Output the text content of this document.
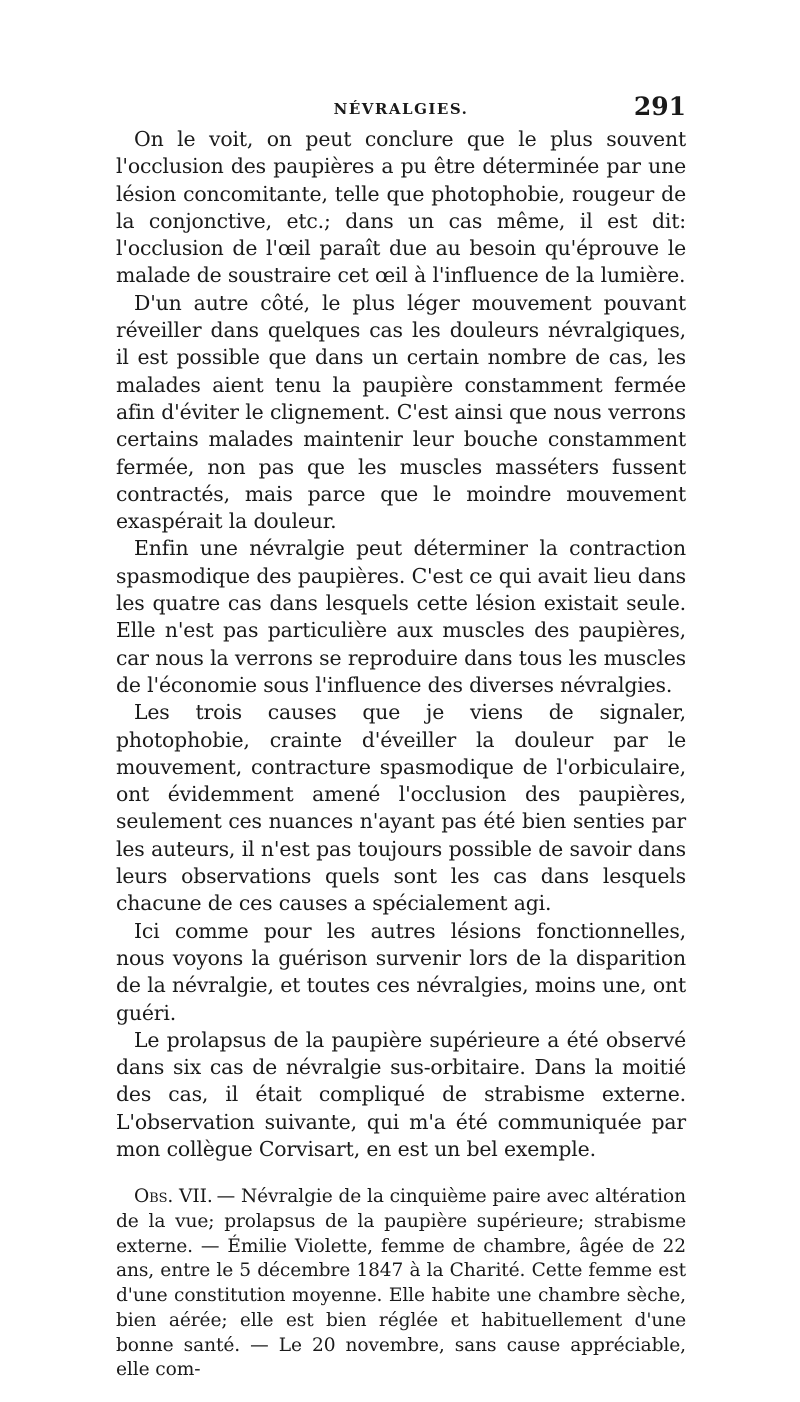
NÉVRALGIES.	291

On le voit, on peut conclure que le plus souvent l'occlusion des paupières a pu être déterminée par une lésion concomitante, telle que photophobie, rougeur de la conjonctive, etc.; dans un cas même, il est dit: l'occlusion de l'œil paraît due au besoin qu'éprouve le malade de soustraire cet œil à l'influence de la lumière.

D'un autre côté, le plus léger mouvement pouvant réveiller dans quelques cas les douleurs névralgiques, il est possible que dans un certain nombre de cas, les malades aient tenu la paupière constamment fermée afin d'éviter le clignement. C'est ainsi que nous verrons certains malades maintenir leur bouche constamment fermée, non pas que les muscles masséters fussent contractés, mais parce que le moindre mouvement exaspérait la douleur.

Enfin une névralgie peut déterminer la contraction spasmodique des paupières. C'est ce qui avait lieu dans les quatre cas dans lesquels cette lésion existait seule. Elle n'est pas particulière aux muscles des paupières, car nous la verrons se reproduire dans tous les muscles de l'économie sous l'influence des diverses névralgies.

Les trois causes que je viens de signaler, photophobie, crainte d'éveiller la douleur par le mouvement, contracture spasmodique de l'orbiculaire, ont évidemment amené l'occlusion des paupières, seulement ces nuances n'ayant pas été bien senties par les auteurs, il n'est pas toujours possible de savoir dans leurs observations quels sont les cas dans lesquels chacune de ces causes a spécialement agi.

Ici comme pour les autres lésions fonctionnelles, nous voyons la guérison survenir lors de la disparition de la névralgie, et toutes ces névralgies, moins une, ont guéri.

Le prolapsus de la paupière supérieure a été observé dans six cas de névralgie sus-orbitaire. Dans la moitié des cas, il était compliqué de strabisme externe. L'observation suivante, qui m'a été communiquée par mon collègue Corvisart, en est un bel exemple.

Obs. VII. — Névralgie de la cinquième paire avec altération de la vue; prolapsus de la paupière supérieure; strabisme externe. — Émilie Violette, femme de chambre, âgée de 22 ans, entre le 5 décembre 1847 à la Charité. Cette femme est d'une constitution moyenne. Elle habite une chambre sèche, bien aérée; elle est bien réglée et habituellement d'une bonne santé. — Le 20 novembre, sans cause appréciable, elle com-
